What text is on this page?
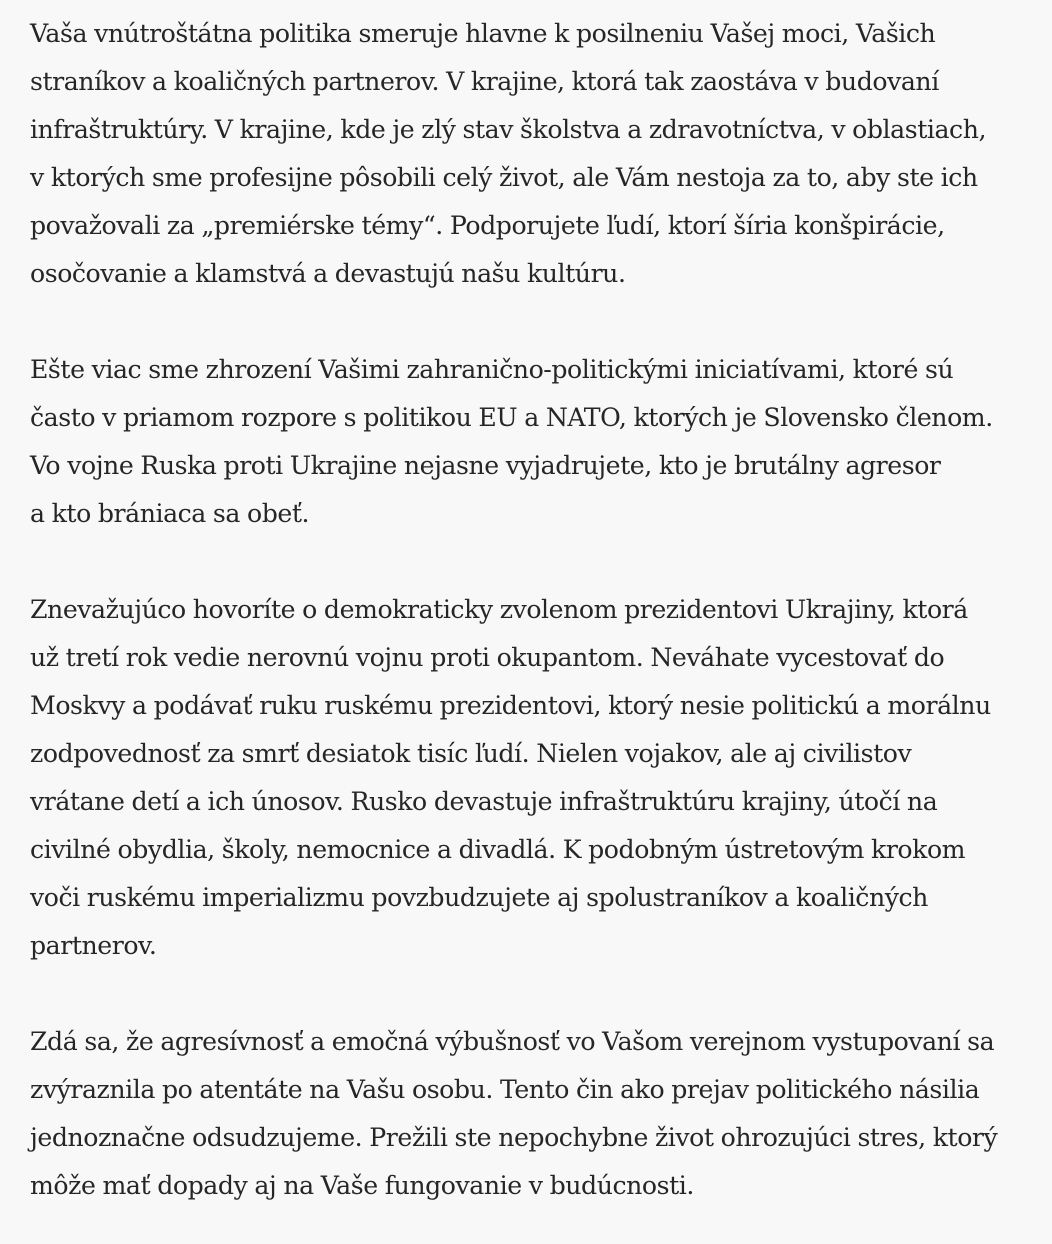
Vaša vnútroštátna politika smeruje hlavne k posilneniu Vašej moci, Vašich
straníkov a koaličných partnerov. V krajine, ktorá tak zaostáva v budovaní
infraštruktúry. V krajine, kde je zlý stav školstva a zdravotníctva, v oblastiach,
v ktorých sme profesijne pôsobili celý život, ale Vám nestoja za to, aby ste ich
považovali za „premiérske témy“. Podporujete ľudí, ktorí šíria konšpirácie,
osočovanie a klamstvá a devastujú našu kultúru.

Ešte viac sme zhrození Vašimi zahranično-politickými iniciatívami, ktoré sú
často v priamom rozpore s politikou EU a NATO, ktorých je Slovensko členom.
Vo vojne Ruska proti Ukrajine nejasne vyjadrujete, kto je brutálny agresor
a kto brániaca sa obeť.

Znevažujúco hovoríte o demokraticky zvolenom prezidentovi Ukrajiny, ktorá
už tretí rok vedie nerovnú vojnu proti okupantom. Neváhate vycestovať do
Moskvy a podávať ruku ruskému prezidentovi, ktorý nesie politickú a morálnu
zodpovednosť za smrť desiatok tisíc ľudí. Nielen vojakov, ale aj civilistov
vrátane detí a ich únosov. Rusko devastuje infraštruktúru krajiny, útočí na
civilné obydlia, školy, nemocnice a divadlá. K podobným ústretovým krokom
voči ruskému imperializmu povzbudzujete aj spolustraníkov a koaličných
partnerov.

Zdá sa, že agresívnosť a emočná výbušnosť vo Vašom verejnom vystupovaní sa
zvýraznila po atentáte na Vašu osobu. Tento čin ako prejav politického násilia
jednoznačne odsudzujeme. Prežili ste nepochybne život ohrozujúci stres, ktorý
môže mať dopady aj na Vaše fungovanie v budúcnosti.
